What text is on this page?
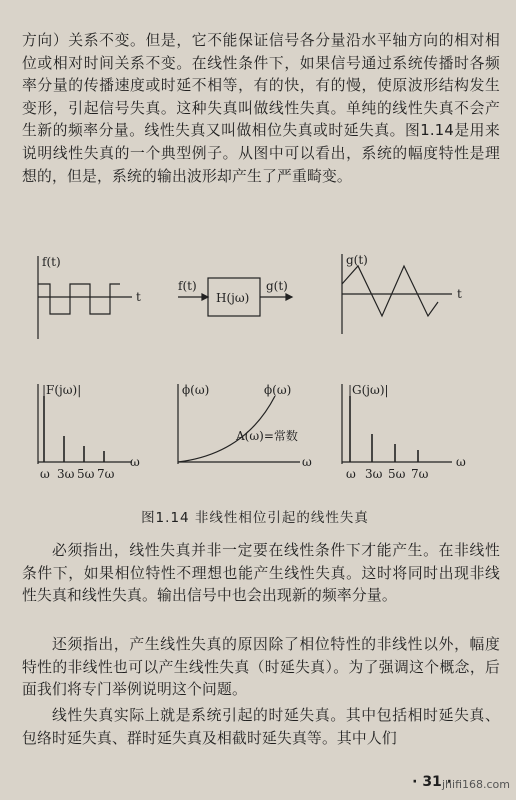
方向）关系不变。但是，它不能保证信号各分量沿水平轴方向的相对相位或相对时间关系不变。在线性条件下，如果信号通过系统传播时各频率分量的传播速度或时延不相等，有的快，有的慢，使原波形结构发生变形，引起信号失真。这种失真叫做线性失真。单纯的线性失真不会产生新的频率分量。线性失真又叫做相位失真或时延失真。图1.14是用来说明线性失真的一个典型例子。从图中可以看出，系统的幅度特性是理想的，但是，系统的输出波形却产生了严重畸变。

f(t)
t
f(t)
H(jω)
g(t)
g(t)
t
|F(jω)|
ω
ω 3ω 5ω 7ω
ϕ(ω)	ϕ(ω)
A(ω)=常数
ω
|G(jω)|
ω
ω 3ω 5ω 7ω
图1.14 非线性相位引起的线性失真

必须指出，线性失真并非一定要在线性条件下才能产生。在非线性条件下，如果相位特性不理想也能产生线性失真。这时将同时出现非线性失真和线性失真。输出信号中也会出现新的频率分量。

还须指出，产生线性失真的原因除了相位特性的非线性以外，幅度特性的非线性也可以产生线性失真（时延失真）。为了强调这个概念，后面我们将专门举例说明这个问题。

线性失真实际上就是系统引起的时延失真。其中包括相时延失真、包络时延失真、群时延失真及相截时延失真等。其中人们

· 31 ·
jhifi168.com
